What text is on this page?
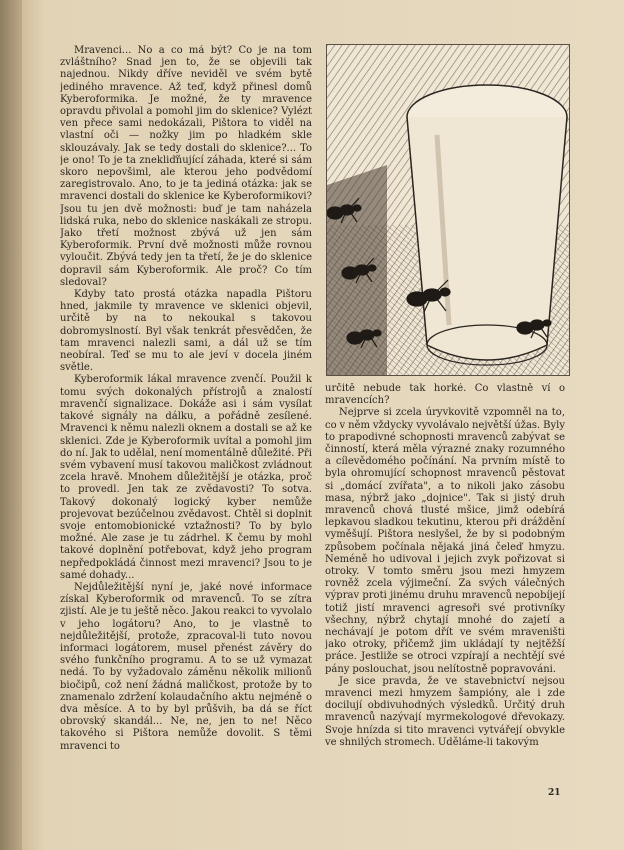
Mravenci... No a co má být? Co je na tom zvláštního? Snad jen to, že se objevili tak najednou. Nikdy dříve neviděl ve svém bytě jediného mravence. Až teď, když přinesl domů Kyberoformika. Je možné, že ty mravence opravdu přivolal a pomohl jim do sklenice? Vylézt ven přece sami nedokázali, Pištora to viděl na vlastní oči — nožky jim po hladkém skle sklouzávaly. Jak se tedy dostali do sklenice?... To je ono! To je ta znekliďňující záhada, které si sám skoro nepovšiml, ale kterou jeho podvědomí zaregistrovalo. Ano, to je ta jediná otázka: jak se mravenci dostali do sklenice ke Kyberoformikovi? Jsou tu jen dvě možnosti: buď je tam naházela lidská ruka, nebo do sklenice naskákali ze stropu. Jako třetí možnost zbývá už jen sám Kyberoformik. První dvě možnosti může rovnou vyloučit. Zbývá tedy jen ta třetí, že je do sklenice dopravil sám Kyberoformik. Ale proč? Co tím sledoval?

Kdyby tato prostá otázka napadla Pištoru hned, jakmile ty mravence ve sklenici objevil, určitě by na to nekoukal s takovou dobromyslností. Byl však tenkrát přesvědčen, že tam mravenci nalezli sami, a dál už se tím neobíral. Teď se mu to ale jeví v docela jiném světle.

Kyberoformik lákal mravence zvenčí. Použil k tomu svých dokonalých přístrojů a znalostí mravenčí signalizace. Dokáže asi i sám vysílat takové signály na dálku, a pořádně zesílené. Mravenci k němu nalezli oknem a dostali se až ke sklenici. Zde je Kyberoformik uvítal a pomohl jim do ní. Jak to udělal, není momentálně důležité. Při svém vybavení musí takovou maličkost zvládnout zcela hravě. Mnohem důležitější je otázka, proč to provedl. Jen tak ze zvědavosti? To sotva. Takový dokonalý logický kyber nemůže projevovat bezúčelnou zvědavost. Chtěl si doplnit svoje entomobionické vztažnosti? To by bylo možné. Ale zase je tu zádrhel. K čemu by mohl takové doplnění potřebovat, když jeho program nepředpokládá činnost mezi mravenci? Jsou to je samé dohady...

Nejdůležitější nyní je, jaké nové informace získal Kyberoformik od mravenců. To se zítra zjistí. Ale je tu ještě něco. Jakou reakci to vyvolalo v jeho logátoru? Ano, to je vlastně to nejdůležitější, protože, zpracoval-li tuto novou informaci logátorem, musel přenést závěry do svého funkčního programu. A to se už vymazat nedá. To by vyžadovalo záměnu několik milionů biočipů, což není žádná maličkost, protože by to znamenalo zdržení kolaudačního aktu nejméně o dva měsíce. A to by byl průšvih, ba dá se říct obrovský skandál... Ne, ne, jen to ne! Něco takového si Pištora nemůže dovolit. S těmi mravenci to

určitě nebude tak horké. Co vlastně ví o mravencích?

Nejprve si zcela úryvkovitě vzpomněl na to, co v něm vždycky vyvolávalo největší úžas. Byly to prapodivné schopnosti mravenců zabývat se činností, která měla výrazné znaky rozumného a cílevědomého počínání. Na prvním místě to byla ohromující schopnost mravenců pěstovat si „domácí zvířata", a to nikoli jako zásobu masa, nýbrž jako „dojnice". Tak si jistý druh mravenců chová tlusté mšice, jimž odebírá lepkavou sladkou tekutinu, kterou při dráždění vyměšují. Pištora neslyšel, že by si podobným způsobem počínala nějaká jiná čeleď hmyzu. Neméně ho udivoval i jejich zvyk pořizovat si otroky. V tomto směru jsou mezi hmyzem rovněž zcela výjimeční. Za svých válečných výprav proti jinému druhu mravenců nepobíjejí totiž jistí mravenci agresoři své protivníky všechny, nýbrž chytají mnohé do zajetí a nechávají je potom dřít ve svém mraveništi jako otroky, přičemž jim ukládají ty nejtěžší práce. Jestliže se otroci vzpírají a nechtějí své pány poslouchat, jsou nelítostně popravováni.

Je sice pravda, že ve stavebnictví nejsou mravenci mezi hmyzem šampióny, ale i zde docilují obdivuhodných výsledků. Určitý druh mravenců nazývají myrmekologové dřevokazy. Svoje hnízda si tito mravenci vytvářejí obvykle ve shnilých stromech. Uděláme-li takovým

21
